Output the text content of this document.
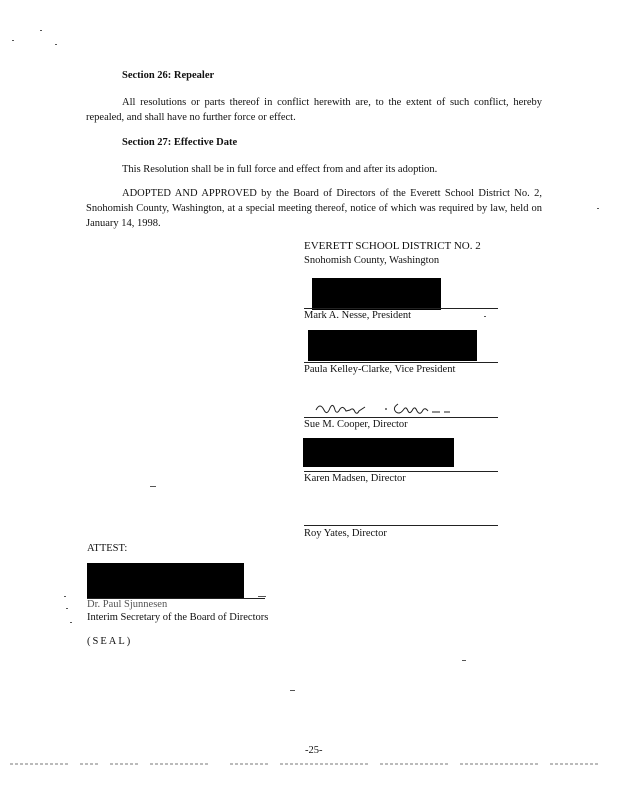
Section 26: Repealer
All resolutions or parts thereof in conflict herewith are, to the extent of such conflict, hereby repealed, and shall have no further force or effect.
Section 27: Effective Date
This Resolution shall be in full force and effect from and after its adoption.
ADOPTED AND APPROVED by the Board of Directors of the Everett School District No. 2, Snohomish County, Washington, at a special meeting thereof, notice of which was required by law, held on January 14, 1998.
EVERETT SCHOOL DISTRICT NO. 2
Snohomish County, Washington
Mark A. Nesse, President
Paula Kelley-Clarke, Vice President
Sue M. Cooper, Director
Karen Madsen, Director
Roy Yates, Director
ATTEST:
Dr. Paul Sjunnesen
Interim Secretary of the Board of Directors
(SEAL)
-25-
